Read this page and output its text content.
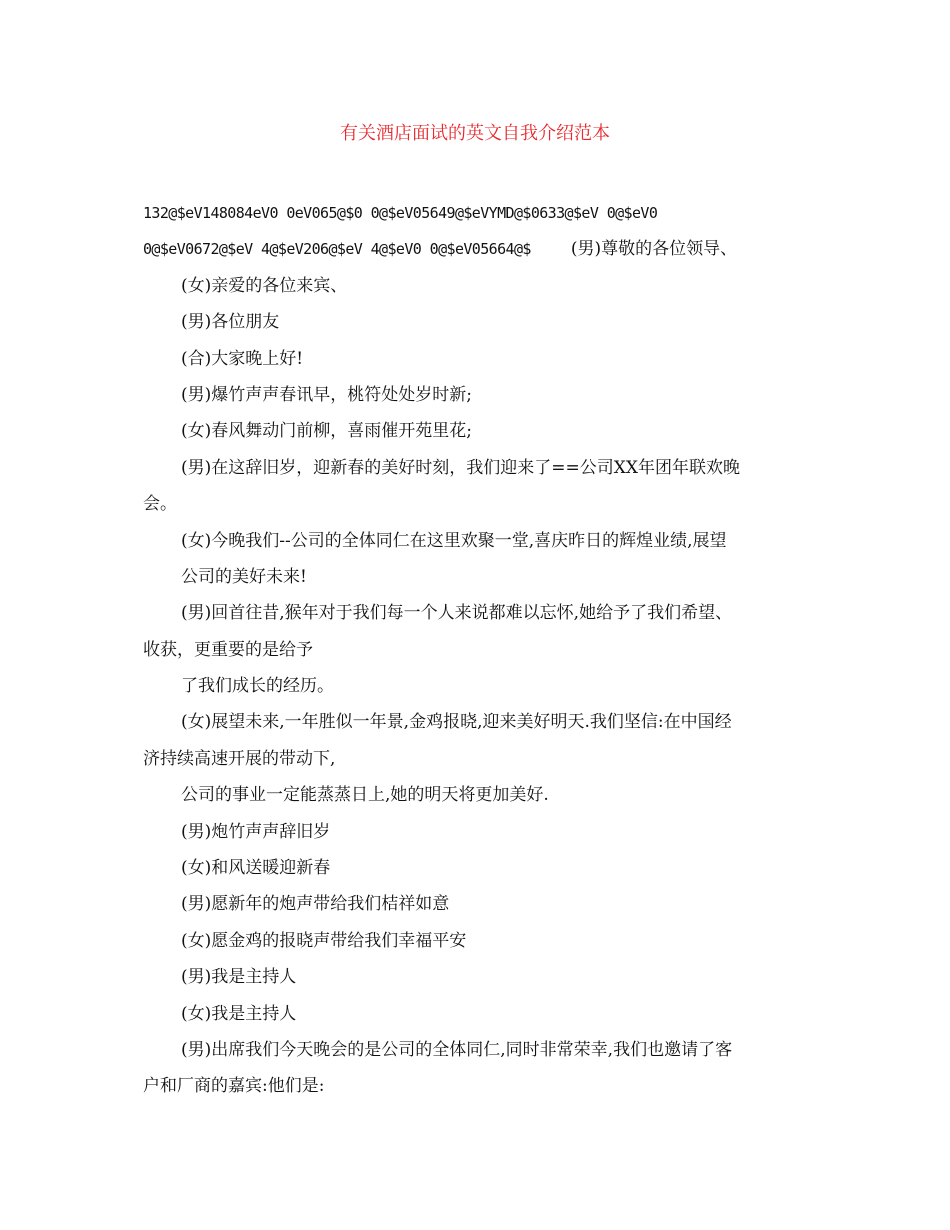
有关酒店面试的英文自我介绍范本
132@$eV148084eV0 0eV065@$0 0@$eV05649@$eVYMD@$0633@$eV 0@$eV0
0@$eV0672@$eV 4@$eV206@$eV 4@$eV0 0@$eV05664@$ (男)尊敬的各位领导、
(女)亲爱的各位来宾、
(男)各位朋友
(合)大家晚上好!
(男)爆竹声声春讯早，桃符处处岁时新;
(女)春风舞动门前柳，喜雨催开苑里花;
(男)在这辞旧岁，迎新春的美好时刻，我们迎来了==公司XX年团年联欢晚
会。
(女)今晚我们--公司的全体同仁在这里欢聚一堂,喜庆昨日的辉煌业绩,展望
公司的美好未来!
(男)回首往昔,猴年对于我们每一个人来说都难以忘怀,她给予了我们希望、
收获，更重要的是给予
了我们成长的经历。
(女)展望未来,一年胜似一年景,金鸡报晓,迎来美好明天.我们坚信:在中国经
济持续高速开展的带动下,
公司的事业一定能蒸蒸日上,她的明天将更加美好.
(男)炮竹声声辞旧岁
(女)和风送暖迎新春
(男)愿新年的炮声带给我们桔祥如意
(女)愿金鸡的报晓声带给我们幸福平安
(男)我是主持人
(女)我是主持人
(男)出席我们今天晚会的是公司的全体同仁,同时非常荣幸,我们也邀请了客
户和厂商的嘉宾:他们是:
